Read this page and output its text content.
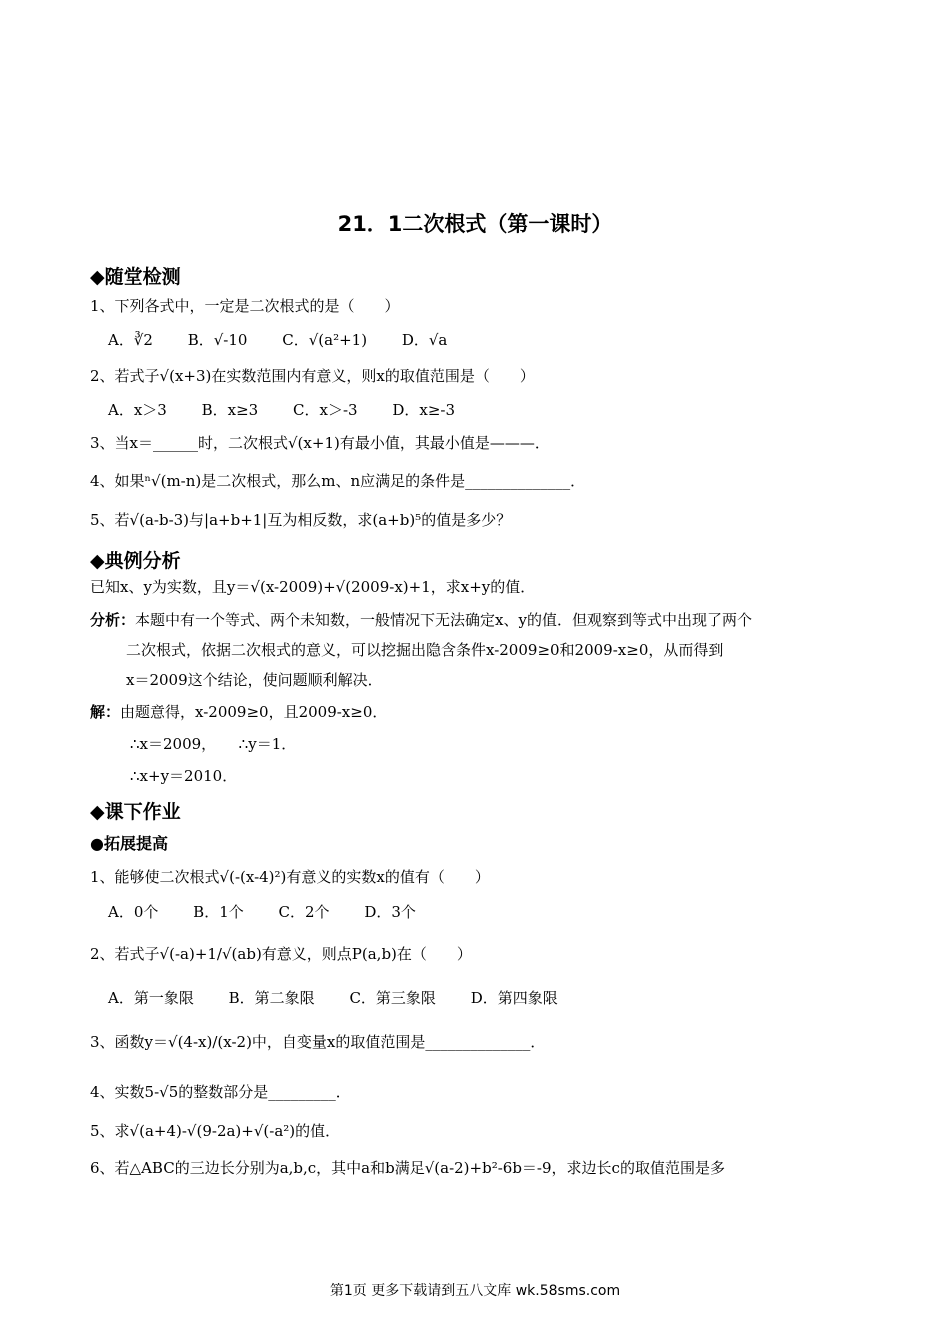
21．1二次根式（第一课时）
◆随堂检测
1、下列各式中，一定是二次根式的是（　　）
A．∛2 B．√-10 C．√(a²+1) D．√a
2、若式子√(x+3)在实数范围内有意义，则x的取值范围是（　　）
A．x＞3 B．x≥3 C．x＞-3 D．x≥-3
3、当x＝______时，二次根式√(x+1)有最小值，其最小值是———．
4、如果ⁿ√(m-n)是二次根式，那么m、n应满足的条件是______________．
5、若√(a-b-3)与|a+b+1|互为相反数，求(a+b)⁵的值是多少？
◆典例分析
已知x、y为实数，且y＝√(x-2009)+√(2009-x)+1，求x+y的值．
分析：本题中有一个等式、两个未知数，一般情况下无法确定x、y的值．但观察到等式中出现了两个
二次根式，依据二次根式的意义，可以挖掘出隐含条件x-2009≥0和2009-x≥0，从而得到
x＝2009这个结论，使问题顺利解决．
解：由题意得，x-2009≥0，且2009-x≥0．
∴x＝2009，　　∴y＝1．
∴x+y＝2010．
◆课下作业
●拓展提高
1、能够使二次根式√(-(x-4)²)有意义的实数x的值有（　　）
A．0个 B．1个 C．2个 D．3个
2、若式子√(-a)+1/√(ab)有意义，则点P(a,b)在（　　）
A．第一象限 B．第二象限 C．第三象限 D．第四象限
3、函数y＝√(4-x)/(x-2)中，自变量x的取值范围是______________．
4、实数5-√5的整数部分是_________．
5、求√(a+4)-√(9-2a)+√(-a²)的值．
6、若△ABC的三边长分别为a,b,c，其中a和b满足√(a-2)+b²-6b＝-9，求边长c的取值范围是多
第1页 更多下载请到五八文库 wk.58sms.com
